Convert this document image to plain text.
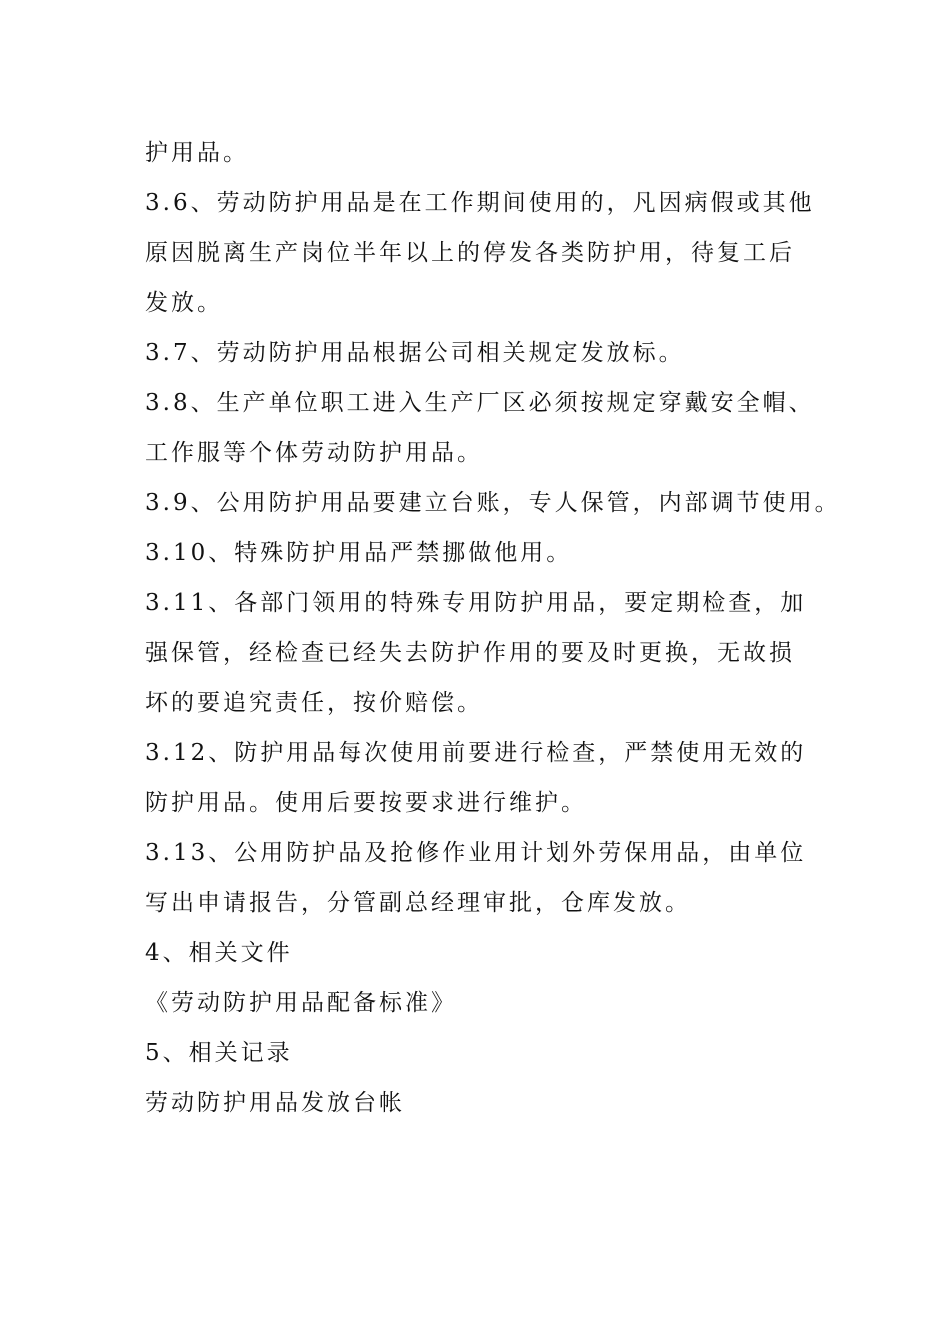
护用品。
3.6、劳动防护用品是在工作期间使用的，凡因病假或其他
原因脱离生产岗位半年以上的停发各类防护用，待复工后
发放。
3.7、劳动防护用品根据公司相关规定发放标。
3.8、生产单位职工进入生产厂区必须按规定穿戴安全帽、
工作服等个体劳动防护用品。
3.9、公用防护用品要建立台账，专人保管，内部调节使用。
3.10、特殊防护用品严禁挪做他用。
3.11、各部门领用的特殊专用防护用品，要定期检查，加
强保管，经检查已经失去防护作用的要及时更换，无故损
坏的要追究责任，按价赔偿。
3.12、防护用品每次使用前要进行检查，严禁使用无效的
防护用品。使用后要按要求进行维护。
3.13、公用防护品及抢修作业用计划外劳保用品，由单位
写出申请报告，分管副总经理审批，仓库发放。
4、相关文件
《劳动防护用品配备标准》
5、相关记录
劳动防护用品发放台帐
